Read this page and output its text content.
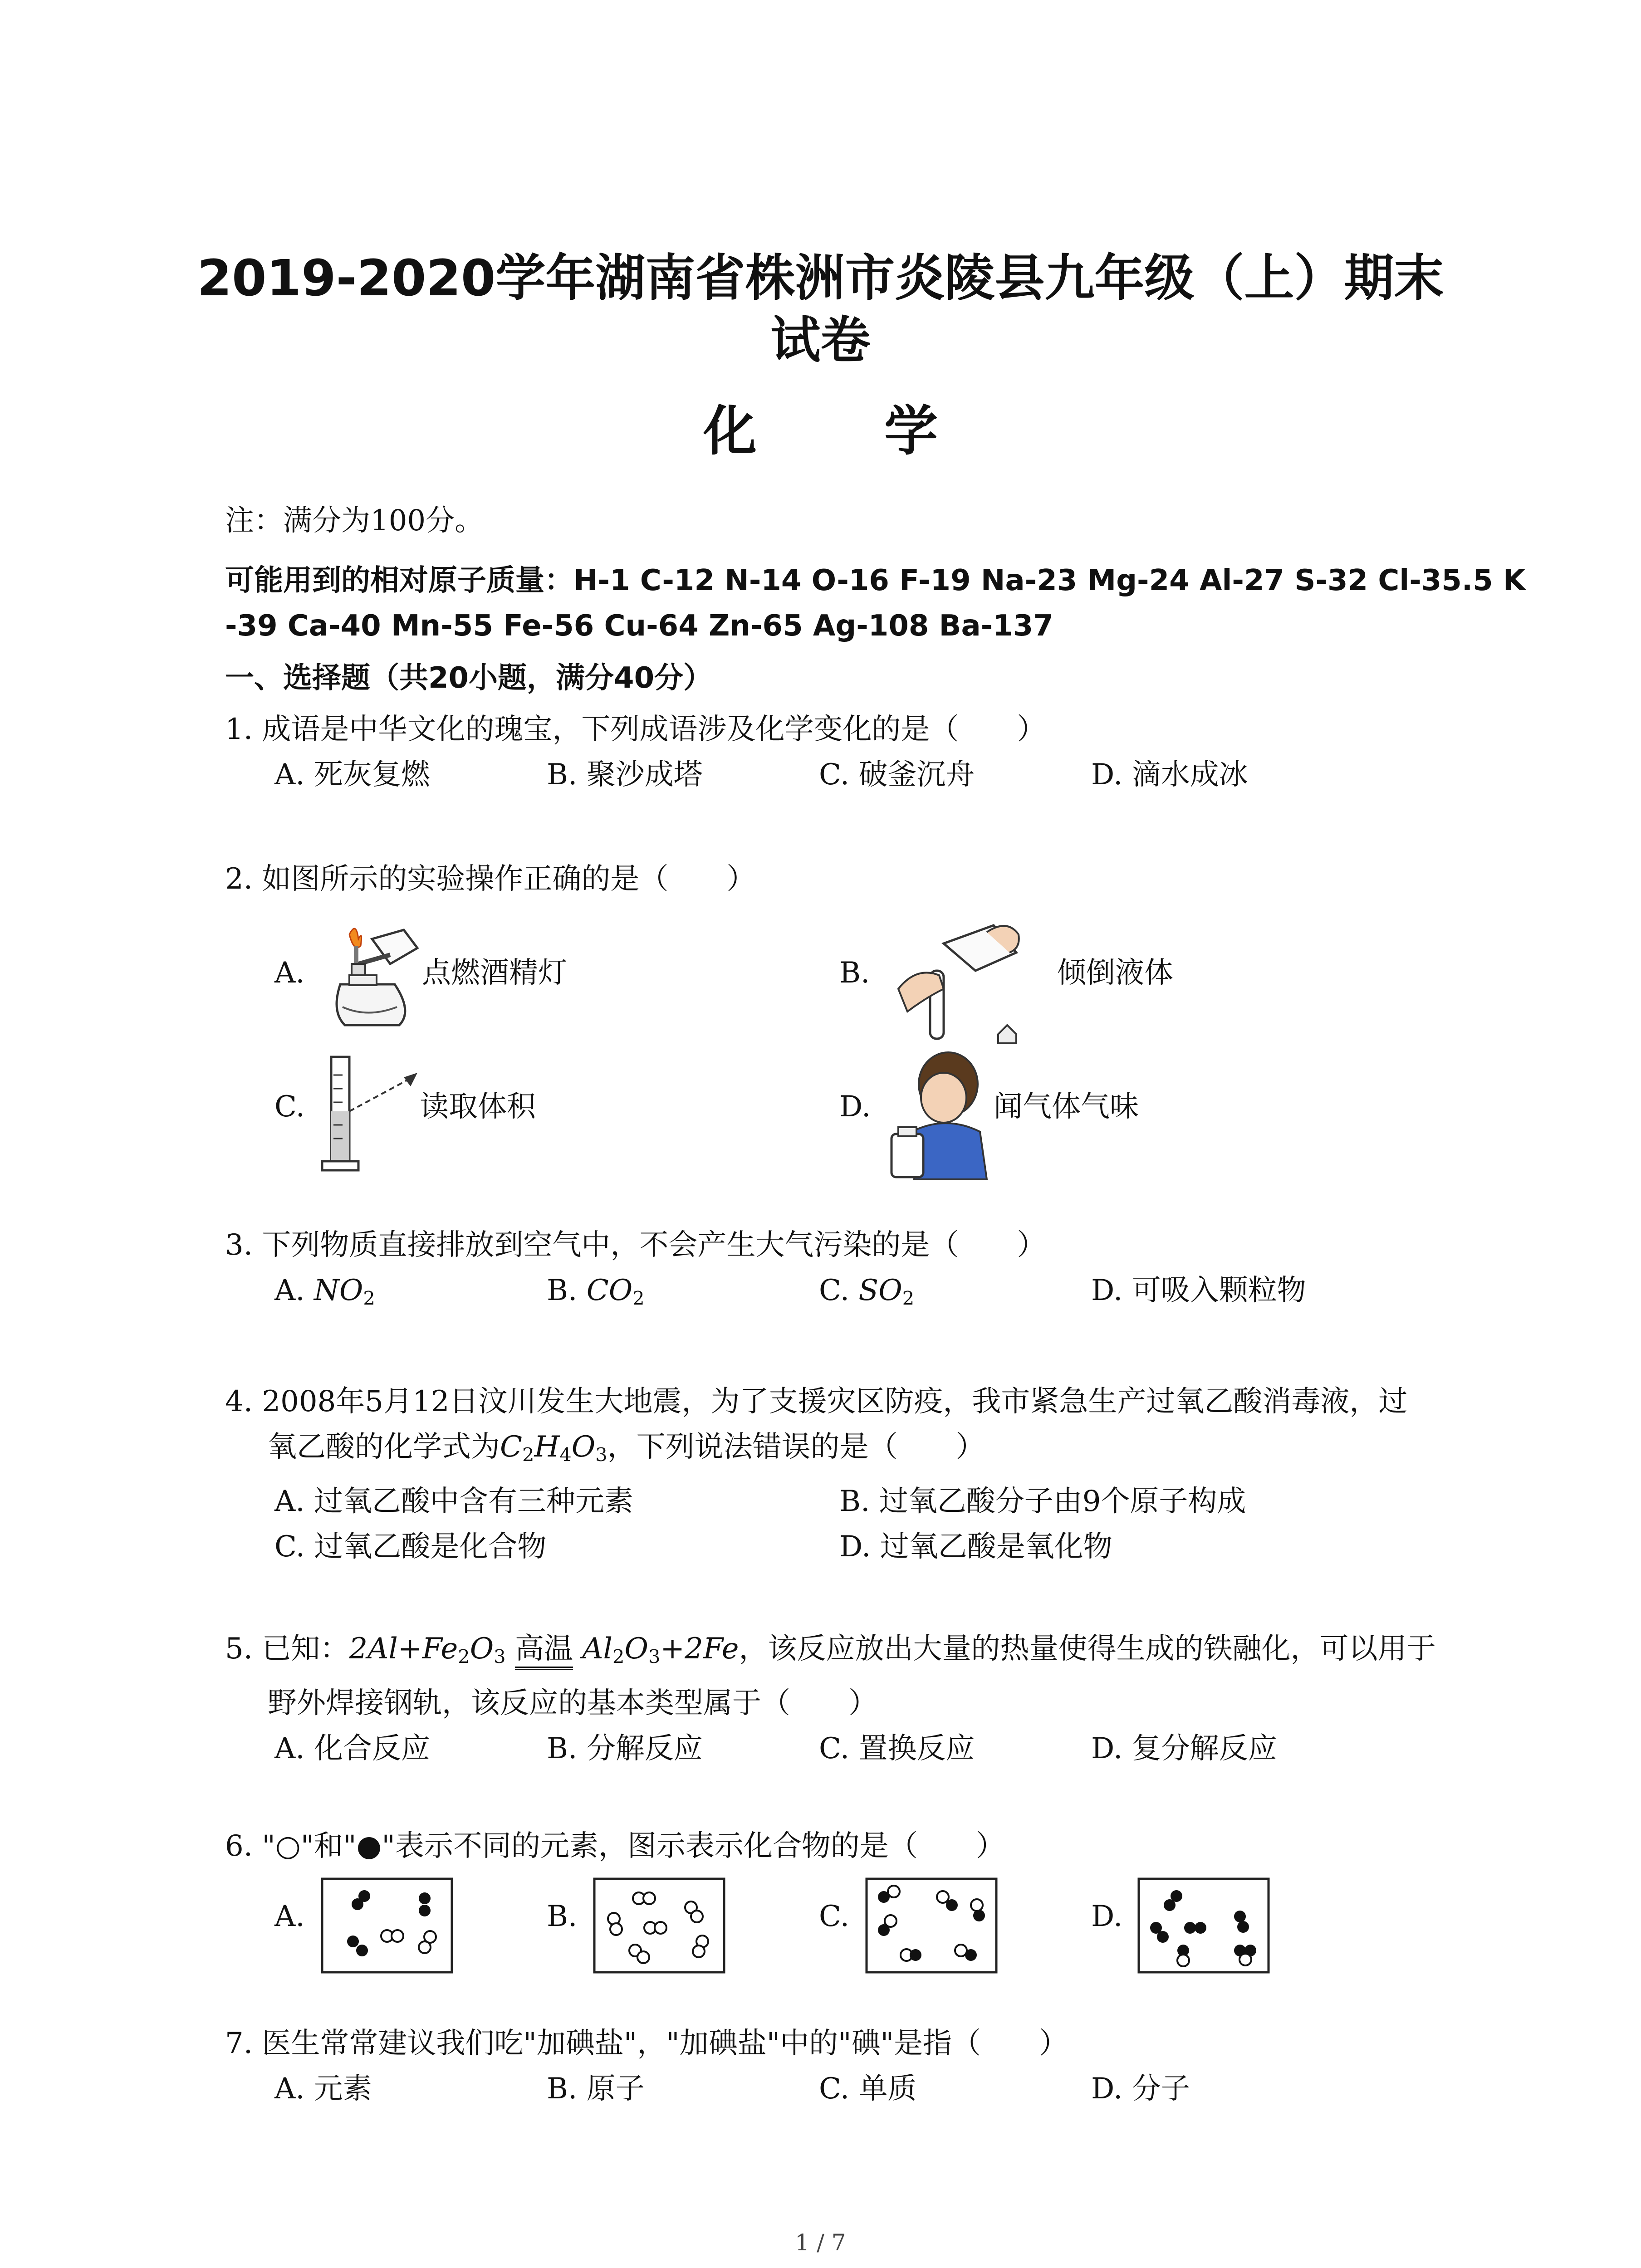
2019-2020学年湖南省株洲市炎陵县九年级（上）期末
试卷
化 学
注：满分为100分。
可能用到的相对原子质量：H-1 C-12 N-14 O-16 F-19 Na-23 Mg-24 Al-27 S-32 Cl-35.5 K
-39 Ca-40 Mn-55 Fe-56 Cu-64 Zn-65 Ag-108 Ba-137
一、选择题（共20小题，满分40分）
1. 成语是中华文化的瑰宝，下列成语涉及化学变化的是（　　）
A. 死灰复燃	B. 聚沙成塔	C. 破釜沉舟	D. 滴水成冰
2. 如图所示的实验操作正确的是（　　）
A.	点燃酒精灯	B.	倾倒液体
C.	读取体积	D.	闻气体气味
3. 下列物质直接排放到空气中，不会产生大气污染的是（　　）
A. $NO_2$	B. $CO_2$	C. $SO_2$	D. 可吸入颗粒物
4. 2008年5月12日汶川发生大地震，为了支援灾区防疫，我市紧急生产过氧乙酸消毒液，过
氧乙酸的化学式为$C_2H_4O_3$，下列说法错误的是（　　）
A. 过氧乙酸中含有三种元素	B. 过氧乙酸分子由9个原子构成
C. 过氧乙酸是化合物	D. 过氧乙酸是氧化物
5. 已知：$2Al+Fe_2O_3$ 高温 $Al_2O_3+2Fe$，该反应放出大量的热量使得生成的铁融化，可以用于
野外焊接钢轨，该反应的基本类型属于（　　）
A. 化合反应	B. 分解反应	C. 置换反应	D. 复分解反应
6. "○"和"●"表示不同的元素，图示表示化合物的是（　　）
A.	B.	C.	D.
7. 医生常常建议我们吃"加碘盐"，"加碘盐"中的"碘"是指（　　）
A. 元素	B. 原子	C. 单质	D. 分子
1 / 7
